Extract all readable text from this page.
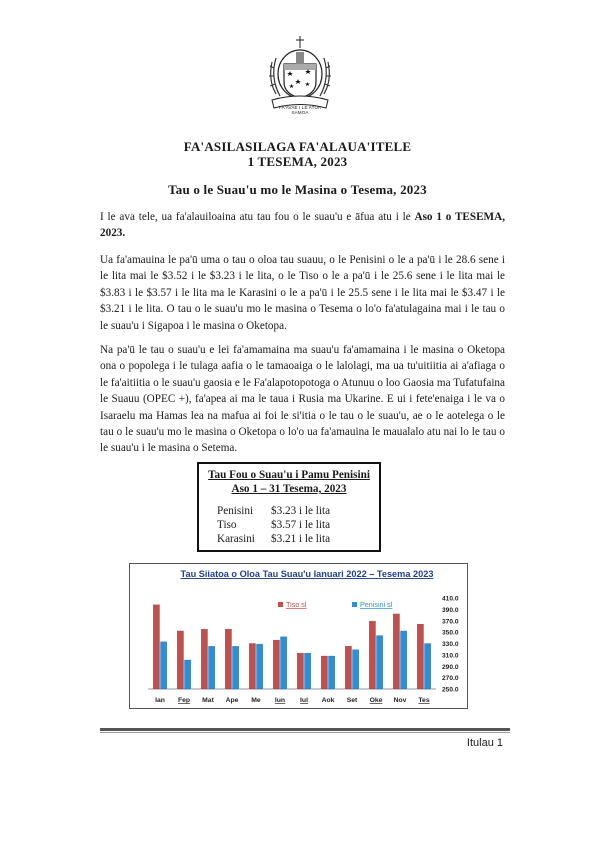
FA'AVAE I LE ATUA SAMOA
FA'ASILASILAGA FA'ALAUA'ITELE
1 TESEMA, 2023
Tau o le Suau'u mo le Masina o Tesema, 2023

I le ava tele, ua fa'alauiloaina atu tau fou o le suau'u e āfua atu i le Aso 1 o TESEMA, 2023.

Ua fa'amauina le pa'ū uma o tau o oloa tau suauu, o le Penisini o le a pa'ū i le 28.6 sene i le lita mai le $3.52 i le $3.23 i le lita, o le Tiso o le a pa'ū i le 25.6 sene i le lita mai le $3.83 i le $3.57 i le lita ma le Karasini o le a pa'ū i le 25.5 sene i le lita mai le $3.47 i le $3.21 i le lita. O tau o le suau'u mo le masina o Tesema o lo'o fa'atulagaina mai i le tau o le suau'u i Sigapoa i le masina o Oketopa.

Na pa'ū le tau o suau'u e lei fa'amamaina ma suau'u fa'amamaina i le masina o Oketopa ona o popolega i le tulaga aafia o le tamaoaiga o le lalolagi, ma ua tu'uitiitia ai a'afiaga o le fa'aitiitia o le suau'u gaosia e le Fa'alapotopotoga o Atunuu o loo Gaosia ma Tufatufaina le Suauu (OPEC +), fa'apea ai ma le taua i Rusia ma Ukarine. E ui i fete'enaiga i le va o Isaraelu ma Hamas lea na mafua ai foi le si'itia o le tau o le suau'u, ae o le aotelega o le tau o le suau'u mo le masina o Oketopa o lo'o ua fa'amauina le maualalo atu nai lo le tau o le suau'u i le masina o Setema.

Tau Fou o Suau'u i Pamu Penisini
Aso 1 – 31 Tesema, 2023
Penisini	$3.23 i le lita
Tiso	$3.57 i le lita
Karasini	$3.21 i le lita
Tau Siiatoa o Oloa Tau Suau'u Ianuari 2022 – Tesema 2023
Tiso sl	Penisini sl
Ian Fep Mat Ape Me Iun Iul Aok Set Oke Nov Tes
410.0
390.0
370.0
350.0
330.0
310.0
290.0
270.0
250.0
Itulau 1
